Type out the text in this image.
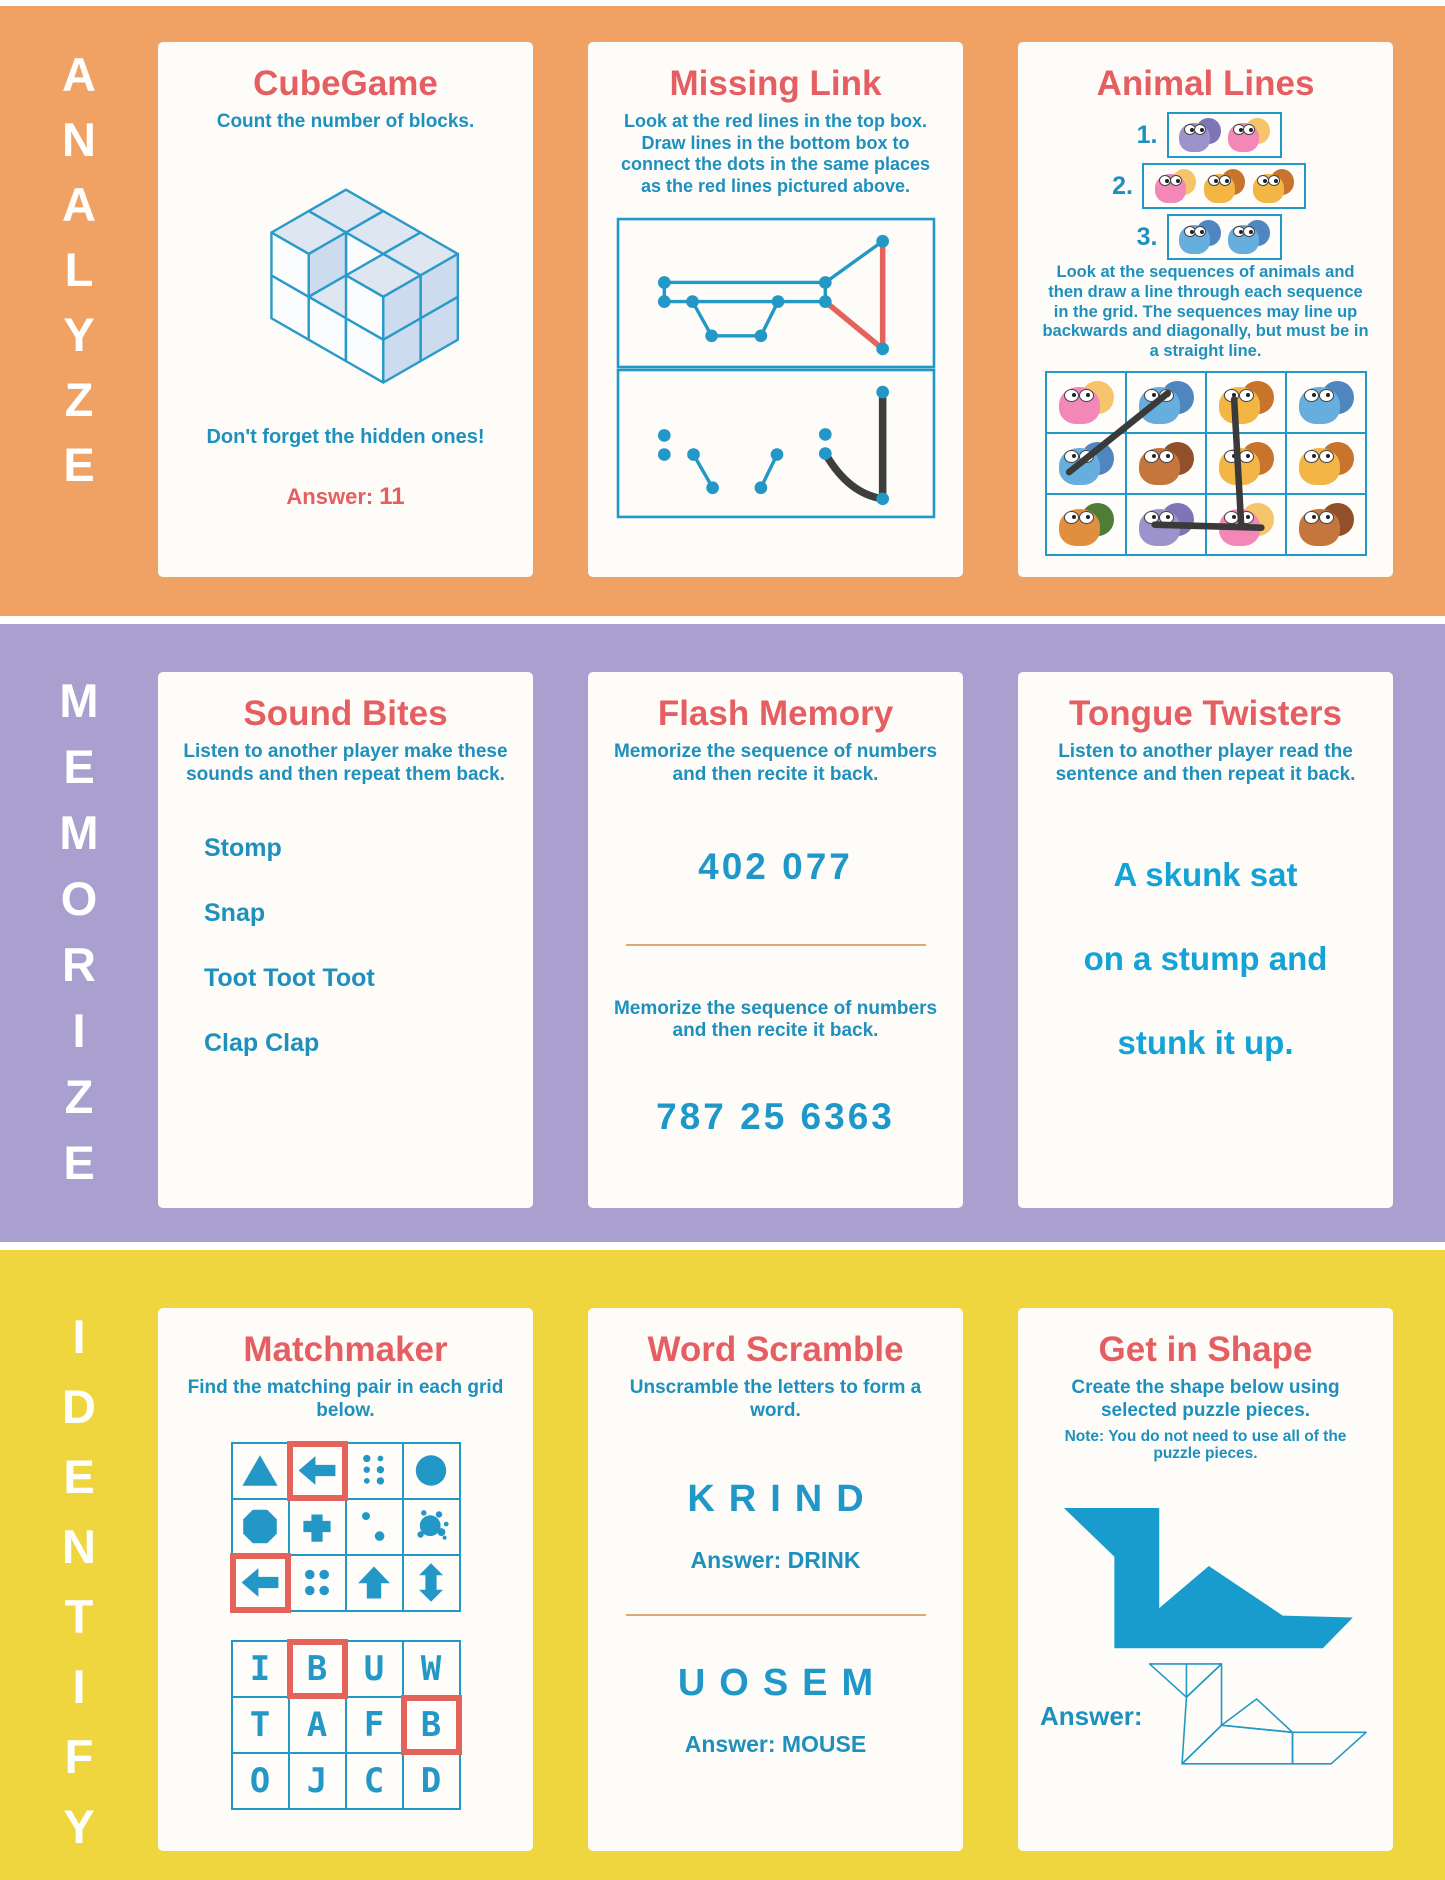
ANALYZE	CubeGame

Count the number of blocks.

Don't forget the hidden ones!

Answer: 11

Missing Link

Look at the red lines in the top box. Draw lines in the bottom box to connect the dots in the same places as the red lines pictured above.

Animal Lines
1.
2.
3.

Look at the sequences of animals and then draw a line through each sequence in the grid. The sequences may line up backwards and diagonally, but must be in a straight line.

MEMORIZE	Sound Bites

Listen to another player make these sounds and then repeat them back.

Stomp
Snap
Toot Toot Toot
Clap Clap
Flash Memory

Memorize the sequence of numbers and then recite it back.

402 077

Memorize the sequence of numbers and then recite it back.

787 25 6363
Tongue Twisters

Listen to another player read the sentence and then repeat it back.

A skunk sat
on a stump and
stunk it up.
IDENTIFY	Matchmaker

Find the matching pair in each grid below.

I	B	U	W
T	A	F	B
O	J	C	D
Word Scramble

Unscramble the letters to form a word.

KRIND
Answer: DRINK
UOSEM
Answer: MOUSE
Get in Shape

Create the shape below using selected puzzle pieces.

Note: You do not need to use all of the puzzle pieces.

Answer:
